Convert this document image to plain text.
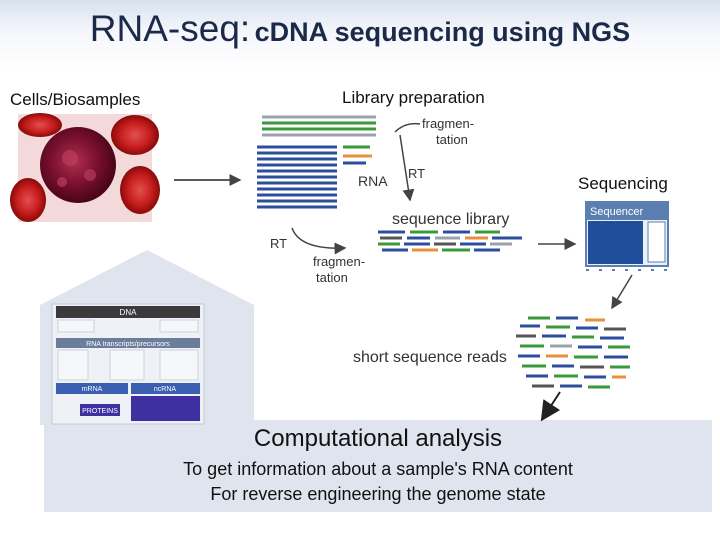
RNA-seq: cDNA sequencing using NGS
Cells/Biosamples	Library preparation
Sequencing
Computational analysis
To get information about a sample's RNA content
For reverse engineering the genome state
fragmen-tation
RNA RT
sequence library
RT
fragmen-tation
Sequencer
short sequence reads
DNA
RNA transcripts/precursors
mRNA	ncRNA
PROTEINS
